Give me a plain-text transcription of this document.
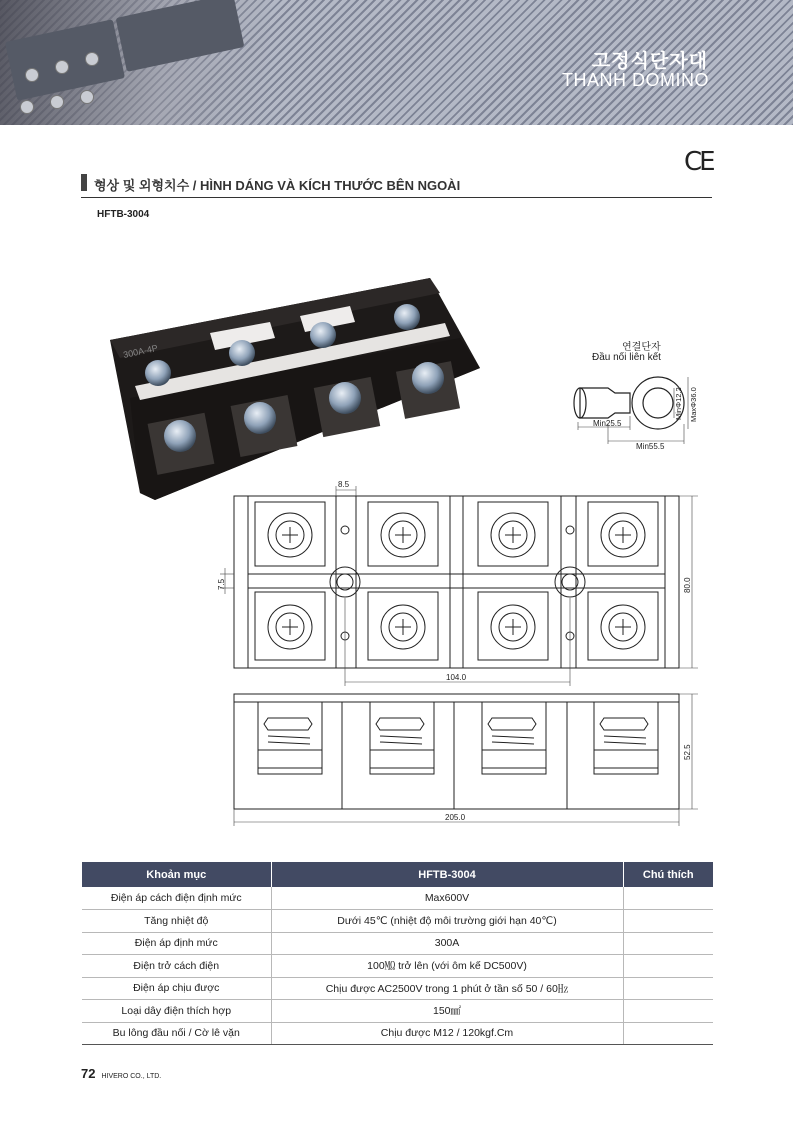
고정식단자대
THANH DOMINO
CE
형상 및 외형치수 / HÌNH DÁNG VÀ KÍCH THƯỚC BÊN NGOÀI
HFTB-3004
300A-4P	연결단자
Đầu nối liên kết
Min25.5
Min55.5
MinΦ12.2 MaxΦ36.0
8.5
7.5	80.0
104.0
52.5
205.0
Khoản mục	HFTB-3004	Chú thích
Điện áp cách điện định mức	Max600V	
Tăng nhiệt độ	Dưới 45℃ (nhiệt độ môi trường giới hạn 40℃)	
Điện áp định mức	300A	
Điện trở cách điện	100㏁ trở lên (với ôm kế DC500V)	
Điện áp chịu được	Chịu được AC2500V trong 1 phút ở tần số 50 / 60㎐	
Loại dây điện thích hợp	150㎟	
Bu lông đầu nối / Cờ lê vặn	Chịu được M12 / 120kgf.Cm	
72 HIVERO CO., LTD.
